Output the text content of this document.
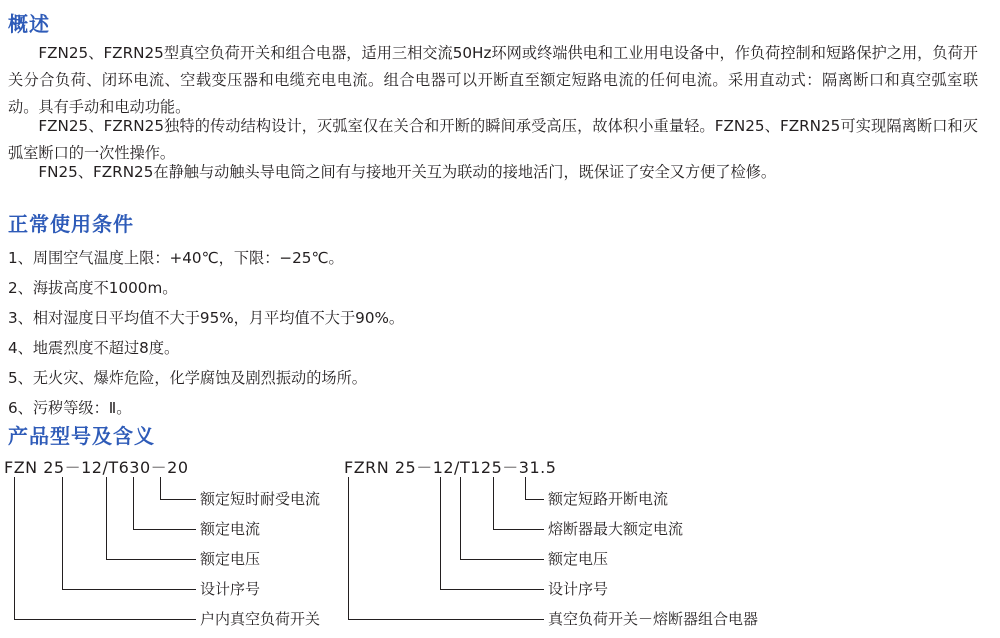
概述
FZN25、FZRN25型真空负荷开关和组合电器，适用三相交流50Hz环网或终端供电和工业用电设备中，作负荷控制和短路保护之用，负荷开关分合负荷、闭环电流、空载变压器和电缆充电电流。组合电器可以开断直至额定短路电流的任何电流。采用直动式：隔离断口和真空弧室联动。具有手动和电动功能。
FZN25、FZRN25独特的传动结构设计，灭弧室仅在关合和开断的瞬间承受高压，故体积小重量轻。FZN25、FZRN25可实现隔离断口和灭弧室断口的一次性操作。
FN25、FZRN25在静触与动触头导电筒之间有与接地开关互为联动的接地活门，既保证了安全又方便了检修。
正常使用条件
1、周围空气温度上限：+40℃，下限：−25℃。
2、海拔高度不1000m。
3、相对湿度日平均值不大于95%，月平均值不大于90%。
4、地震烈度不超过8度。
5、无火灾、爆炸危险，化学腐蚀及剧烈振动的场所。
6、污秽等级：Ⅱ。
产品型号及含义
FZN 25－12/T630－20
额定短时耐受电流
额定电流
额定电压
设计序号
户内真空负荷开关
FZRN 25－12/T125－31.5
额定短路开断电流
熔断器最大额定电流
额定电压
设计序号
真空负荷开关－熔断器组合电器
